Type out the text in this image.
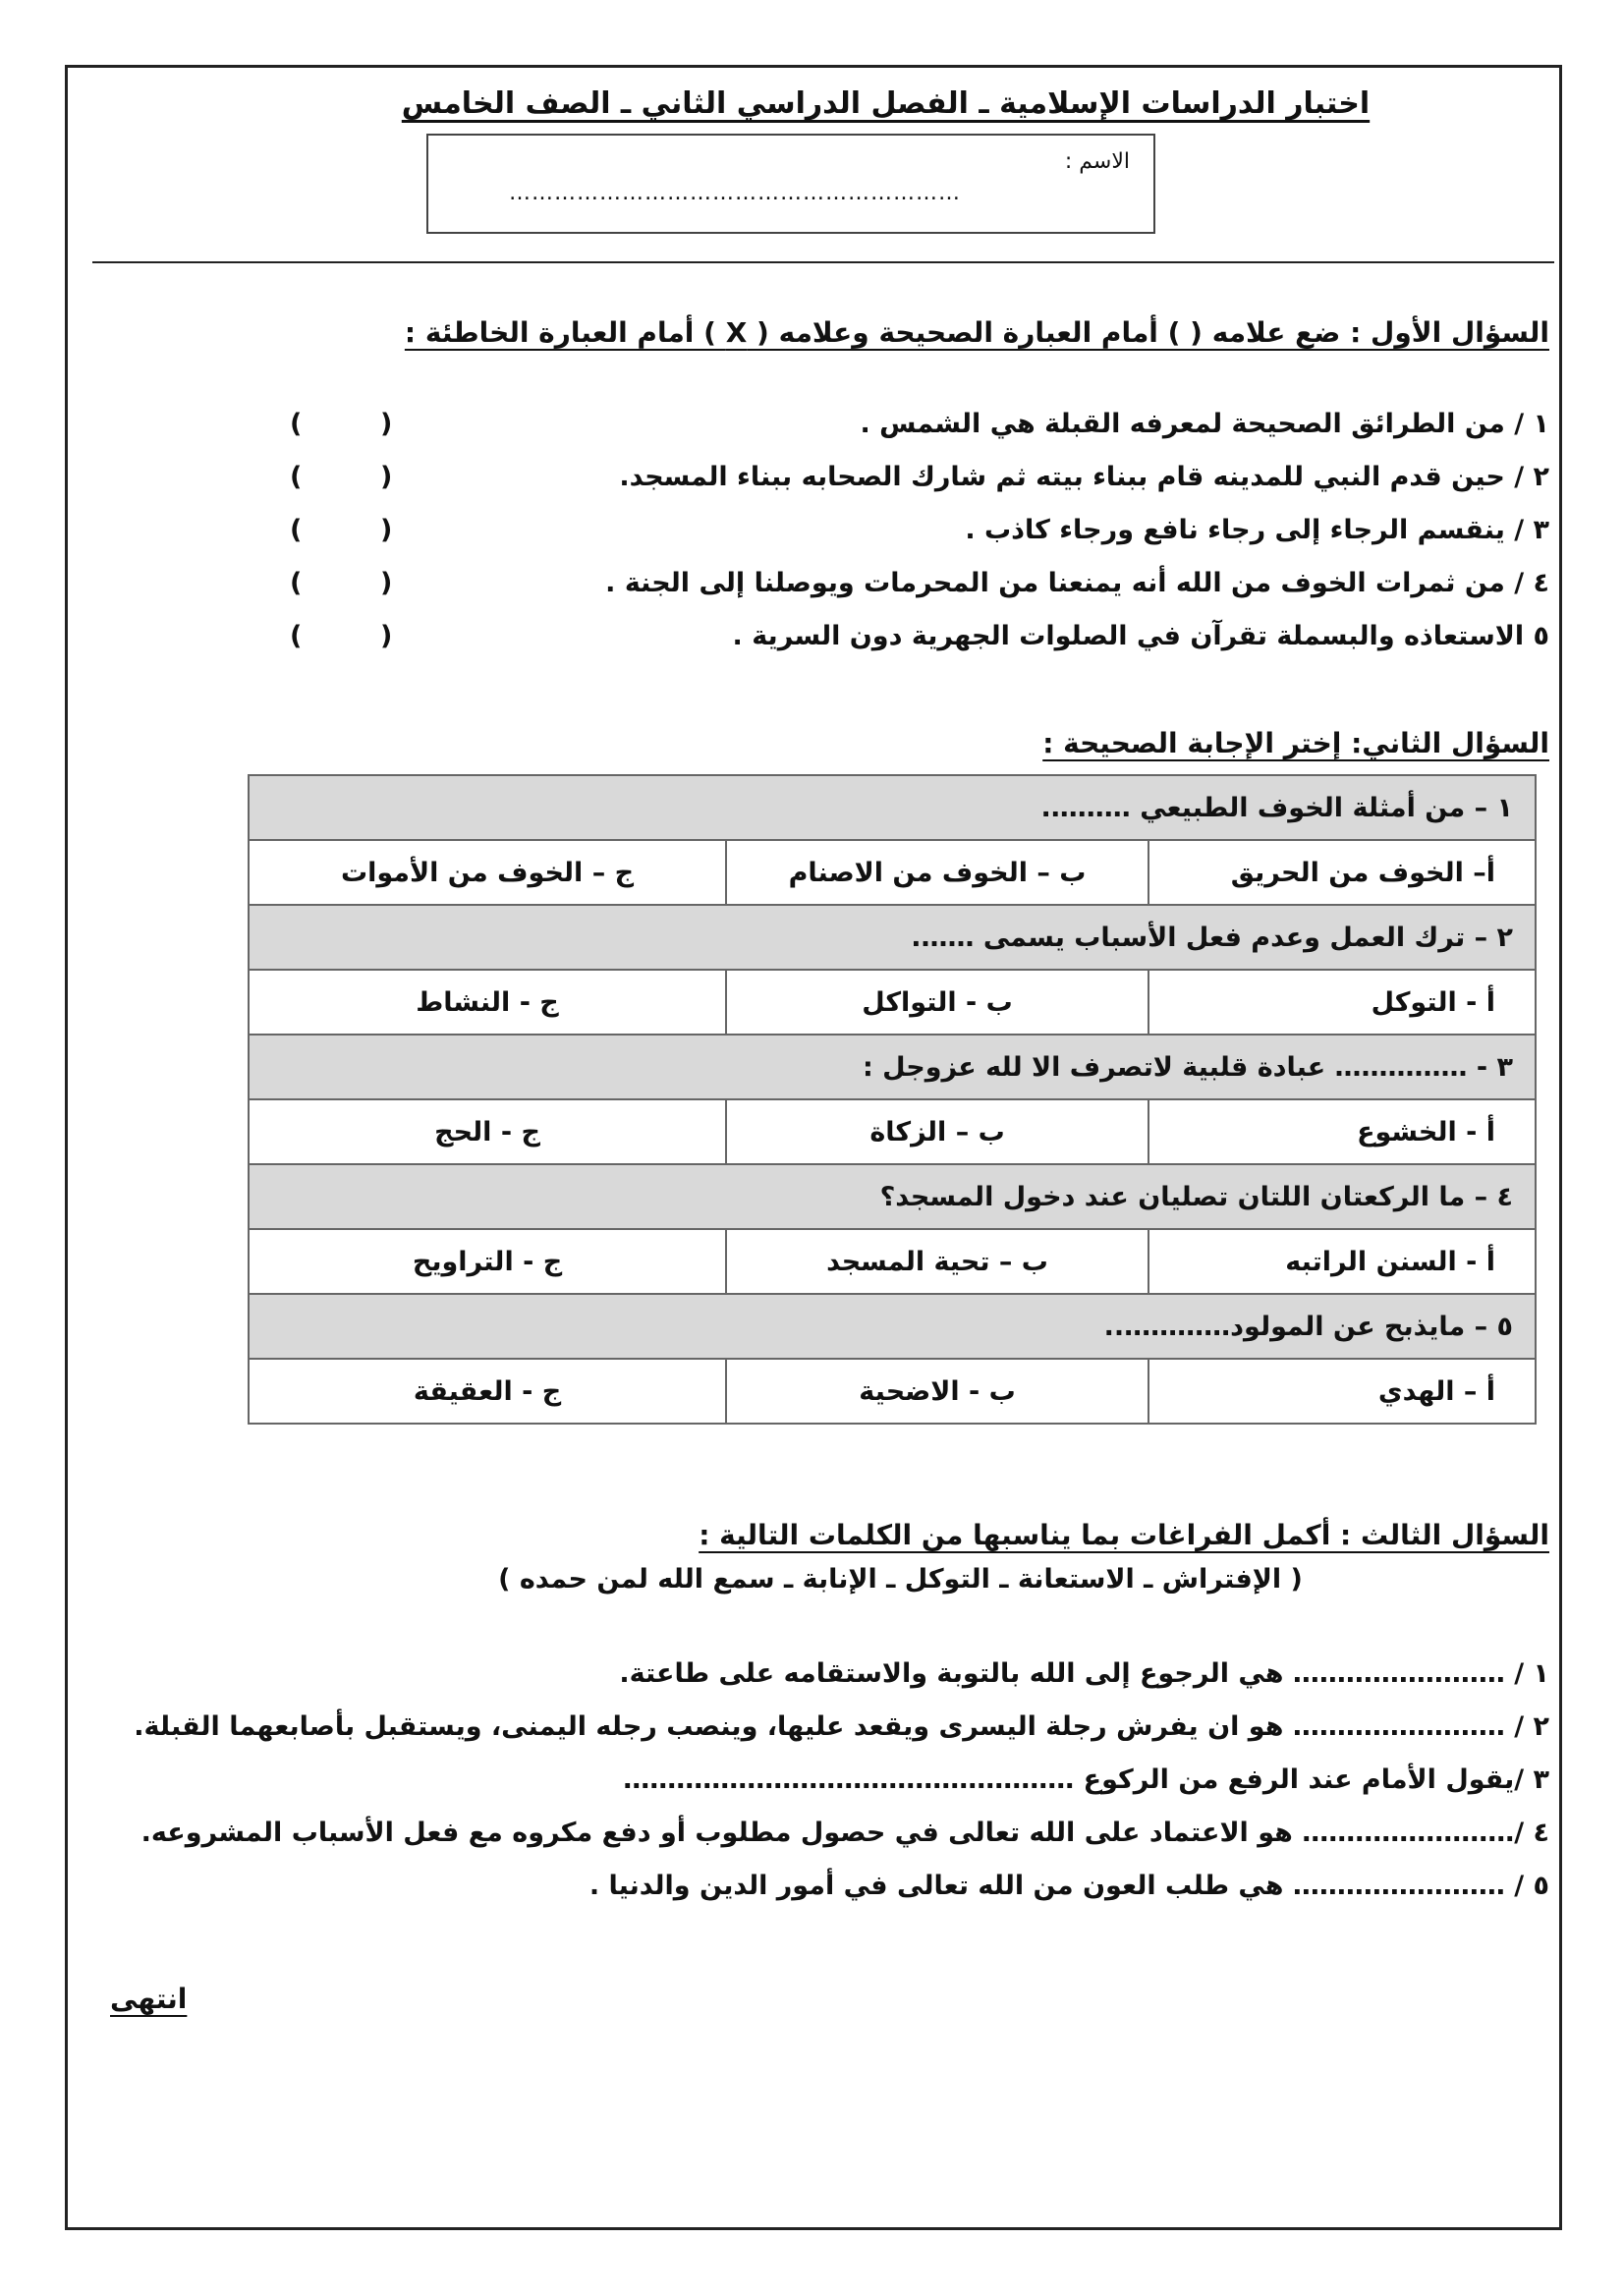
اختبار الدراسات الإسلامية ـ الفصل الدراسي الثاني ـ الصف الخامس
الاسم :
……………………………………………………
السؤال الأول : ضع علامه ( ) أمام العبارة الصحيحة وعلامه ( X ) أمام العبارة الخاطئة :
١ / من الطرائق الصحيحة لمعرفه القبلة هي الشمس .
(
)
٢ / حين قدم النبي للمدينه قام ببناء بيته ثم شارك الصحابه ببناء المسجد.
(
)
٣ / ينقسم الرجاء إلى رجاء نافع ورجاء كاذب .
(
)
٤ / من ثمرات الخوف من الله أنه يمنعنا من المحرمات ويوصلنا إلى الجنة .
(
)
٥ الاستعاذه والبسملة تقرآن في الصلوات الجهرية دون السرية .
(
)
السؤال الثاني: إختر الإجابة الصحيحة :
١ – من أمثلة الخوف الطبيعي ……….		
أ– الخوف من الحريق	ب – الخوف من الاصنام	ج – الخوف من الأموات
٢ – ترك العمل وعدم فعل الأسباب يسمى …….		
أ - التوكل	ب - التواكل	ج - النشاط
٣ - …………… عبادة قلبية لاتصرف الا لله عزوجل :		
أ - الخشوع	ب – الزكاة	ج - الحج
٤ – ما الركعتان اللتان تصليان عند دخول المسجد؟		
أ - السنن الراتبه	ب – تحية المسجد	ج - التراويح
٥ – مايذبح عن المولود…………..		
أ – الهدي	ب - الاضحية	ج - العقيقة
السؤال الثالث : أكمل الفراغات بما يناسبها من الكلمات التالية :
( الإفتراش ـ الاستعانة ـ التوكل ـ الإنابة ـ سمع الله لمن حمده )
١ / …………………… هي الرجوع إلى الله بالتوبة والاستقامه على طاعتة.
٢ / …………………… هو ان يفرش رجلة اليسرى ويقعد عليها، وينصب رجله اليمنى، ويستقبل بأصابعهما القبلة.
٣ /يقول الأمام عند الرفع من الركوع ……………………………………………
٤ /…………………… هو الاعتماد على الله تعالى في حصول مطلوب أو دفع مكروه مع فعل الأسباب المشروعه.
٥ / …………………… هي طلب العون من الله تعالى في أمور الدين والدنيا .
انتهى
